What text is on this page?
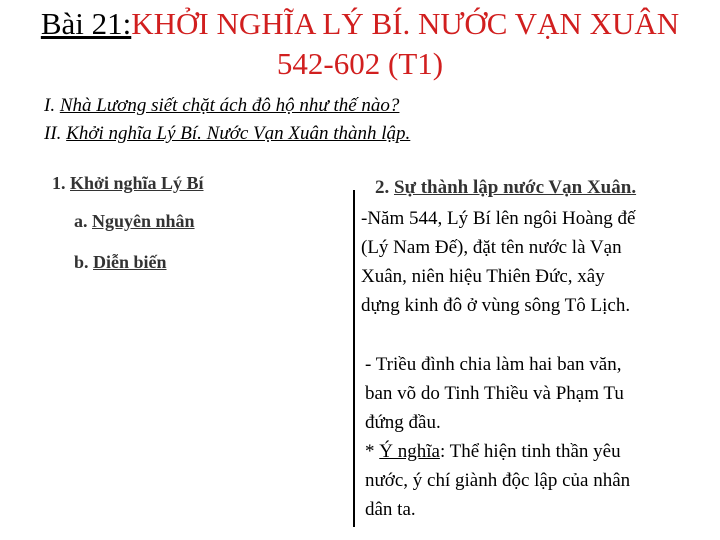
Bài 21:KHỞI NGHĨA LÝ BÍ. NƯỚC VẠN XUÂN
542-602 (T1)
I. Nhà Lương siết chặt ách đô hộ như thế nào?
II. Khởi nghĩa Lý Bí. Nước Vạn Xuân thành lập.
1. Khởi nghĩa Lý Bí
a. Nguyên nhân
b. Diễn biến
2. Sự thành lập nước Vạn Xuân.
-Năm 544, Lý Bí lên ngôi Hoàng đế
(Lý Nam Đế), đặt tên nước là Vạn
Xuân, niên hiệu Thiên Đức, xây
dựng kinh đô ở vùng sông Tô Lịch.
- Triều đình chia làm hai ban văn,
ban võ do Tinh Thiều và Phạm Tu
đứng đầu.
* Ý nghĩa: Thể hiện tinh thần yêu
nước, ý chí giành độc lập của nhân
dân ta.
